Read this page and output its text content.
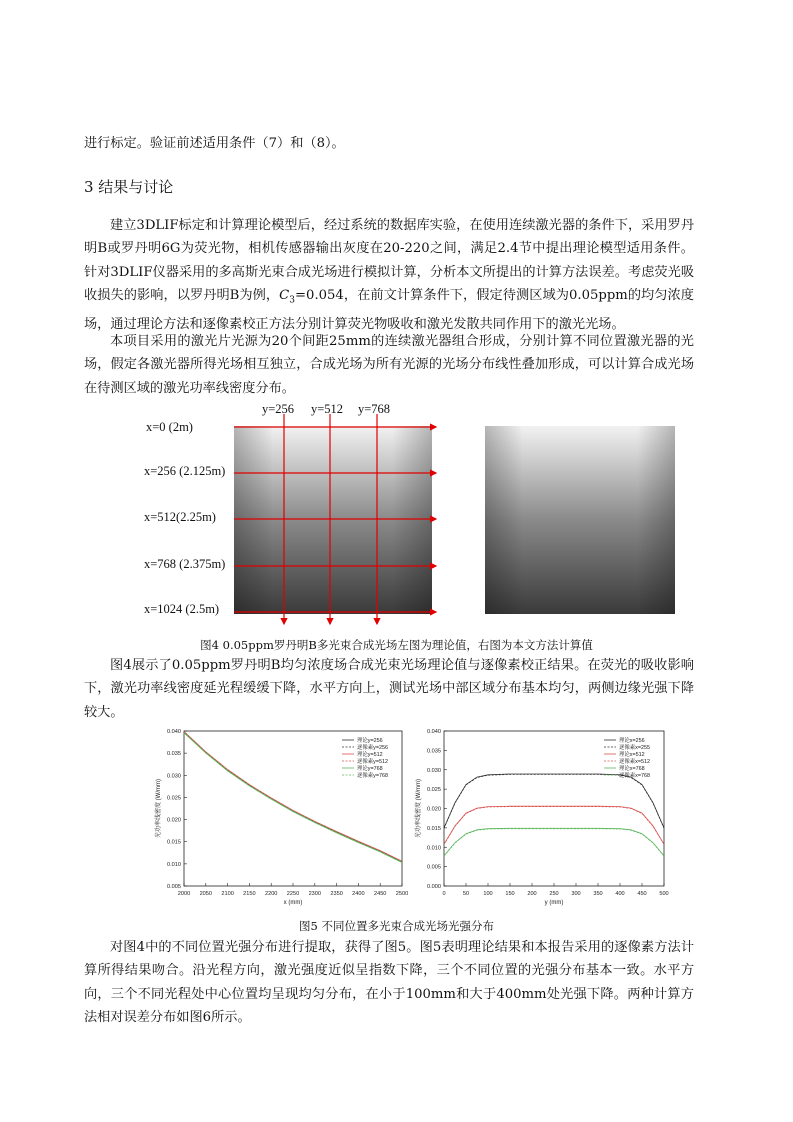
进行标定。验证前述适用条件（7）和（8）。

3 结果与讨论

建立3DLIF标定和计算理论模型后，经过系统的数据库实验，在使用连续激光器的条件下，采用罗丹明B或罗丹明6G为荧光物，相机传感器输出灰度在20-220之间，满足2.4节中提出理论模型适用条件。针对3DLIF仪器采用的多高斯光束合成光场进行模拟计算，分析本文所提出的计算方法误差。考虑荧光吸收损失的影响，以罗丹明B为例，$C_3=0.054$，在前文计算条件下，假定待测区域为0.05ppm的均匀浓度场，通过理论方法和逐像素校正方法分别计算荧光物吸收和激光发散共同作用下的激光光场。
本项目采用的激光片光源为20个间距25mm的连续激光器组合形成，分别计算不同位置激光器的光场，假定各激光器所得光场相互独立，合成光场为所有光源的光场分布线性叠加形成，可以计算合成光场在待测区域的激光功率线密度分布。
y=256 y=512 y=768
x=0 (2m)
x=256 (2.125m)
x=512(2.25m)
x=768 (2.375m)
x=1024 (2.5m)

图4 0.05ppm罗丹明B多光束合成光场左图为理论值，右图为本文方法计算值

图4展示了0.05ppm罗丹明B均匀浓度场合成光束光场理论值与逐像素校正结果。在荧光的吸收影响下，激光功率线密度延光程缓缓下降，水平方向上，测试光场中部区域分布基本均匀，两侧边缘光强下降较大。
2000 2050 2100 2150 2200 2250 2300 2350 2400 2450 2500
0.005
0.010
0.015
0.020
0.025
0.030
0.035
0.040
x (mm)
光功率线密度 (W/mm)
理论y=256
逐像素y=256
理论y=512
逐像素y=512
理论y=768
逐像素y=768
0	50	100 150 200 250 300 350 400 450 500
0.000
0.005
0.010
0.015
0.020
0.025
0.030
0.035
0.040
y (mm)
光功率线密度 (W/mm)
理论x=256
逐像素x=255
理论x=512
逐像素x=512
理论x=768
逐像素x=768

图5 不同位置多光束合成光场光强分布

对图4中的不同位置光强分布进行提取，获得了图5。图5表明理论结果和本报告采用的逐像素方法计算所得结果吻合。沿光程方向，激光强度近似呈指数下降，三个不同位置的光强分布基本一致。水平方向，三个不同光程处中心位置均呈现均匀分布，在小于100mm和大于400mm处光强下降。两种计算方法相对误差分布如图6所示。
